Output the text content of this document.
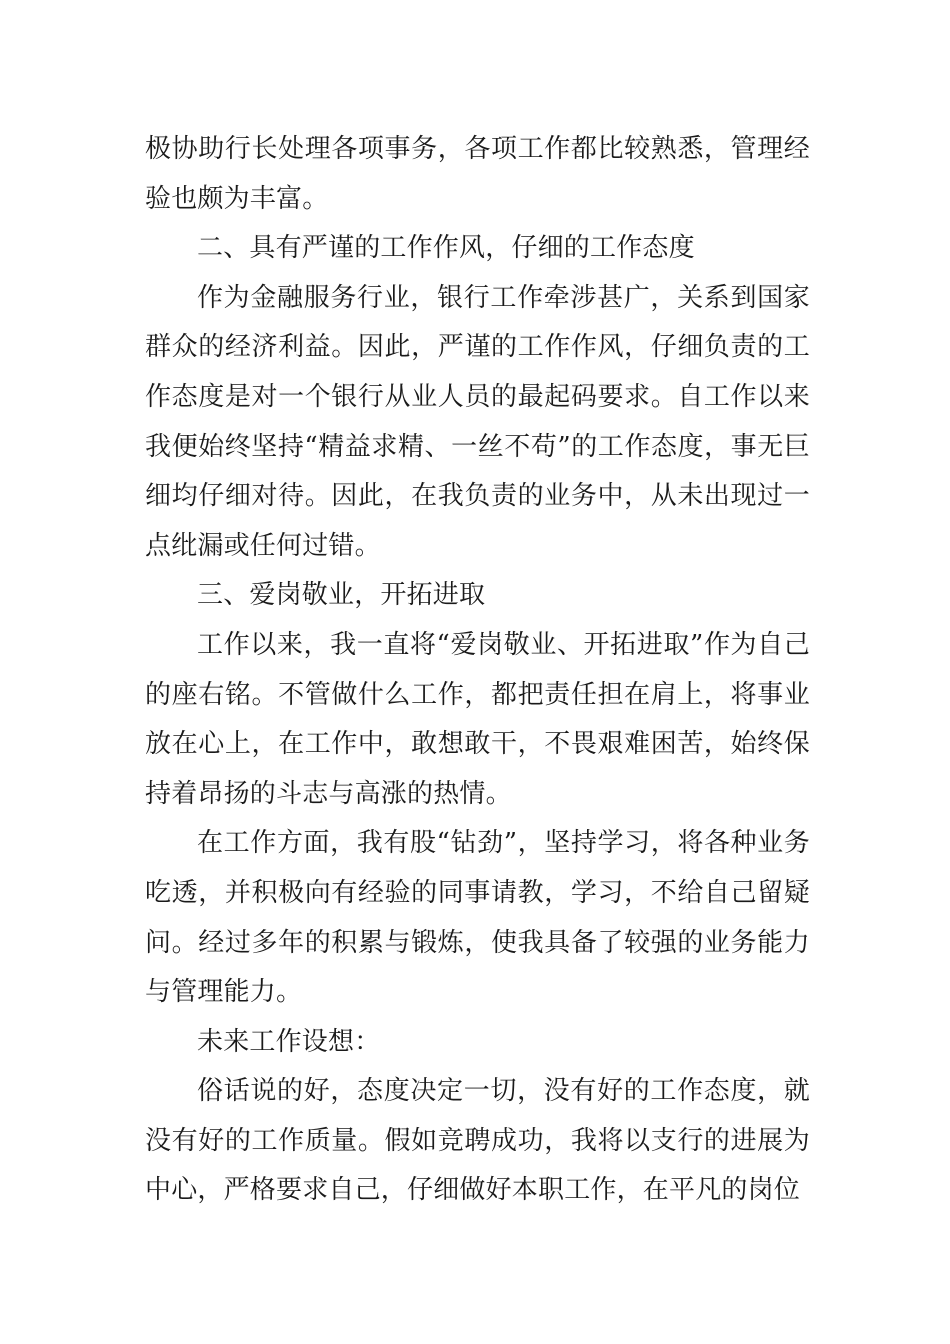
极协助行长处理各项事务，各项工作都比较熟悉，管理经验也颇为丰富。

二、具有严谨的工作作风，仔细的工作态度

作为金融服务行业，银行工作牵涉甚广，关系到国家群众的经济利益。因此，严谨的工作作风，仔细负责的工作态度是对一个银行从业人员的最起码要求。自工作以来我便始终坚持“精益求精、一丝不苟”的工作态度，事无巨细均仔细对待。因此，在我负责的业务中，从未出现过一点纰漏或任何过错。

三、爱岗敬业，开拓进取

工作以来，我一直将“爱岗敬业、开拓进取”作为自己的座右铭。不管做什么工作，都把责任担在肩上，将事业放在心上，在工作中，敢想敢干，不畏艰难困苦，始终保持着昂扬的斗志与高涨的热情。

在工作方面，我有股“钻劲”，坚持学习，将各种业务吃透，并积极向有经验的同事请教，学习，不给自己留疑问。经过多年的积累与锻炼，使我具备了较强的业务能力与管理能力。

未来工作设想：

俗话说的好，态度决定一切，没有好的工作态度，就没有好的工作质量。假如竞聘成功，我将以支行的进展为中心，严格要求自己，仔细做好本职工作，在平凡的岗位
